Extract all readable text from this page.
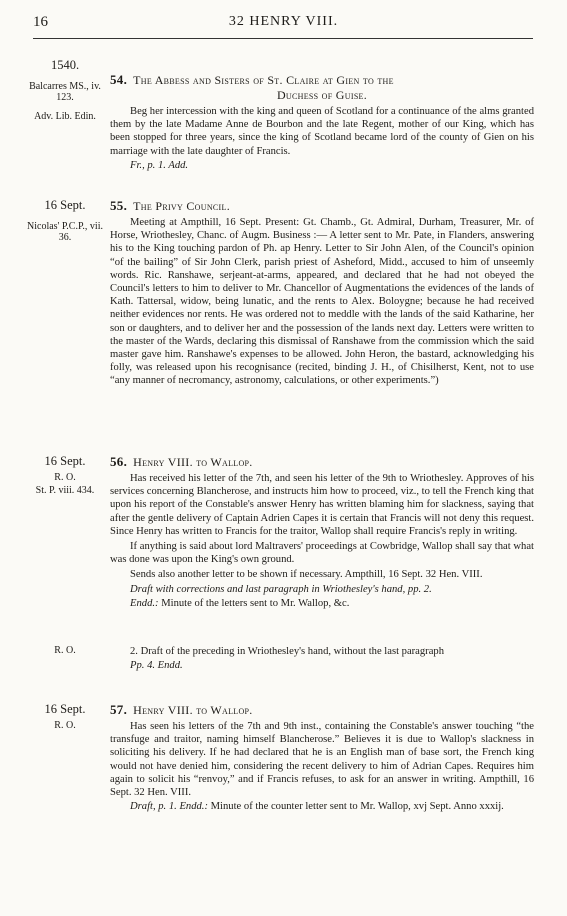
16	32 HENRY VIII.
1540.
Balcarres MS., iv. 123.
Adv. Lib. Edin.
54. The Abbess and Sisters of St. Claire at Gien to the
Duchess of Guise.

Beg her intercession with the king and queen of Scotland for a continuance of the alms granted them by the late Madame Anne de Bourbon and the late Regent, mother of our King, which has been stopped for three years, since the king of Scotland became lord of the county of Gien on his marriage with the late daughter of Francis.

Fr., p. 1. Add.

16 Sept.
Nicolas' P.C.P., vii. 36.
55. The Privy Council.

Meeting at Ampthill, 16 Sept. Present: Gt. Chamb., Gt. Admiral, Durham, Treasurer, Mr. of Horse, Wriothesley, Chanc. of Augm. Business :— A letter sent to Mr. Pate, in Flanders, answering his to the King touching pardon of Ph. ap Henry. Letter to Sir John Alen, of the Council's opinion “of the bailing” of Sir John Clerk, parish priest of Asheford, Midd., accused to him of unseemly words. Ric. Ranshawe, serjeant-at-arms, appeared, and declared that he had not obeyed the Council's letters to him to deliver to Mr. Chancellor of Augmentations the evidences of the lands of Kath. Tattersal, widow, being lunatic, and the rents to Alex. Boloygne; because he had received neither evidences nor rents. He was ordered not to meddle with the lands of the said Katharine, her son or daughters, and to deliver her and the possession of the lands next day. Letters were written to the master of the Wards, declaring this dismissal of Ranshawe from the commission which the said master gave him. Ranshawe's expenses to be allowed. John Heron, the bastard, acknowledging his folly, was released upon his recognisance (recited, binding J. H., of Chisilherst, Kent, not to use “any manner of necromancy, astronomy, calculations, or other experiments.”)

16 Sept.
R. O.
St. P. viii. 434.
56. Henry VIII. to Wallop.

Has received his letter of the 7th, and seen his letter of the 9th to Wriothesley. Approves of his services concerning Blancherose, and instructs him how to proceed, viz., to tell the French king that upon his report of the Constable's answer Henry has written blaming him for slackness, saying that after the gentle delivery of Captain Adrien Capes it is certain that Francis will not deny this request. Since Henry has written to Francis for the traitor, Wallop shall require Francis's reply in writing.

If anything is said about lord Maltravers' proceedings at Cowbridge, Wallop shall say that what was done was upon the King's own ground.

Sends also another letter to be shown if necessary. Ampthill, 16 Sept. 32 Hen. VIII.

Draft with corrections and last paragraph in Wriothesley's hand, pp. 2.

Endd.: Minute of the letters sent to Mr. Wallop, &c.

R. O.	2. Draft of the preceding in Wriothesley's hand, without the last paragraph

Pp. 4. Endd.

16 Sept.
R. O.
57. Henry VIII. to Wallop.

Has seen his letters of the 7th and 9th inst., containing the Constable's answer touching “the transfuge and traitor, naming himself Blancherose.” Believes it is due to Wallop's slackness in soliciting his delivery. If he had declared that he is an English man of base sort, the French king would not have denied him, considering the recent delivery to him of Adrian Capes. Requires him again to solicit his “renvoy,” and if Francis refuses, to ask for an answer in writing. Ampthill, 16 Sept. 32 Hen. VIII.

Draft, p. 1. Endd.: Minute of the counter letter sent to Mr. Wallop, xvj Sept. Anno xxxij.
